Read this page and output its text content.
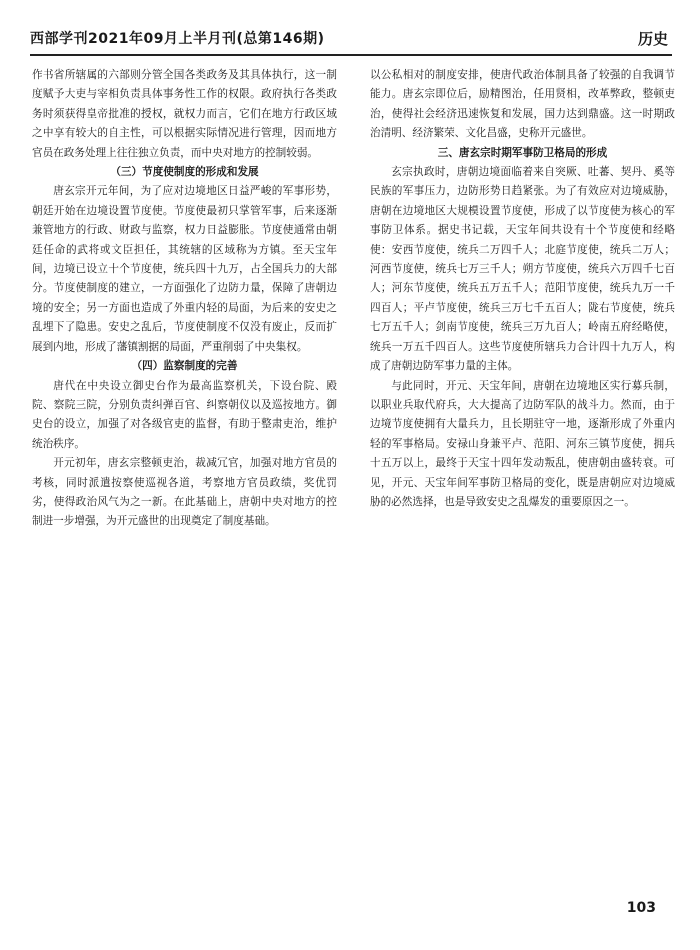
西部学刊2021年09月上半月刊(总第146期)	历史

作书省所辖属的六部则分管全国各类政务及其具体执行，这一制度赋予大吏与宰相负责具体事务性工作的权限。政府执行各类政务时须获得皇帝批准的授权，就权力而言，它们在地方行政区域之中享有较大的自主性，可以根据实际情况进行管理，因而地方官员在政务处理上往往独立负责，而中央对地方的控制较弱。

（三）节度使制度的形成和发展

唐玄宗开元年间，为了应对边境地区日益严峻的军事形势，朝廷开始在边境设置节度使。节度使最初只掌管军事，后来逐渐兼管地方的行政、财政与监察，权力日益膨胀。节度使通常由朝廷任命的武将或文臣担任，其统辖的区域称为方镇。至天宝年间，边境已设立十个节度使，统兵四十九万，占全国兵力的大部分。节度使制度的建立，一方面强化了边防力量，保障了唐朝边境的安全；另一方面也造成了外重内轻的局面，为后来的安史之乱埋下了隐患。安史之乱后，节度使制度不仅没有废止，反而扩展到内地，形成了藩镇割据的局面，严重削弱了中央集权。

（四）监察制度的完善

唐代在中央设立御史台作为最高监察机关，下设台院、殿院、察院三院，分别负责纠弹百官、纠察朝仪以及巡按地方。御史台的设立，加强了对各级官吏的监督，有助于整肃吏治，维护统治秩序。

开元初年，唐玄宗整顿吏治，裁减冗官，加强对地方官员的考核，同时派遣按察使巡视各道，考察地方官员政绩，奖优罚劣，使得政治风气为之一新。在此基础上，唐朝中央对地方的控制进一步增强，为开元盛世的出现奠定了制度基础。

以公私相对的制度安排，使唐代政治体制具备了较强的自我调节能力。唐玄宗即位后，励精图治，任用贤相，改革弊政，整顿吏治，使得社会经济迅速恢复和发展，国力达到鼎盛。这一时期政治清明、经济繁荣、文化昌盛，史称开元盛世。

三、唐玄宗时期军事防卫格局的形成

玄宗执政时，唐朝边境面临着来自突厥、吐蕃、契丹、奚等民族的军事压力，边防形势日趋紧张。为了有效应对边境威胁，唐朝在边境地区大规模设置节度使，形成了以节度使为核心的军事防卫体系。据史书记载，天宝年间共设有十个节度使和经略使：安西节度使，统兵二万四千人；北庭节度使，统兵二万人；河西节度使，统兵七万三千人；朔方节度使，统兵六万四千七百人；河东节度使，统兵五万五千人；范阳节度使，统兵九万一千四百人；平卢节度使，统兵三万七千五百人；陇右节度使，统兵七万五千人；剑南节度使，统兵三万九百人；岭南五府经略使，统兵一万五千四百人。这些节度使所辖兵力合计四十九万人，构成了唐朝边防军事力量的主体。

与此同时，开元、天宝年间，唐朝在边境地区实行募兵制，以职业兵取代府兵，大大提高了边防军队的战斗力。然而，由于边境节度使拥有大量兵力，且长期驻守一地，逐渐形成了外重内轻的军事格局。安禄山身兼平卢、范阳、河东三镇节度使，拥兵十五万以上，最终于天宝十四年发动叛乱，使唐朝由盛转衰。可见，开元、天宝年间军事防卫格局的变化，既是唐朝应对边境威胁的必然选择，也是导致安史之乱爆发的重要原因之一。

103
